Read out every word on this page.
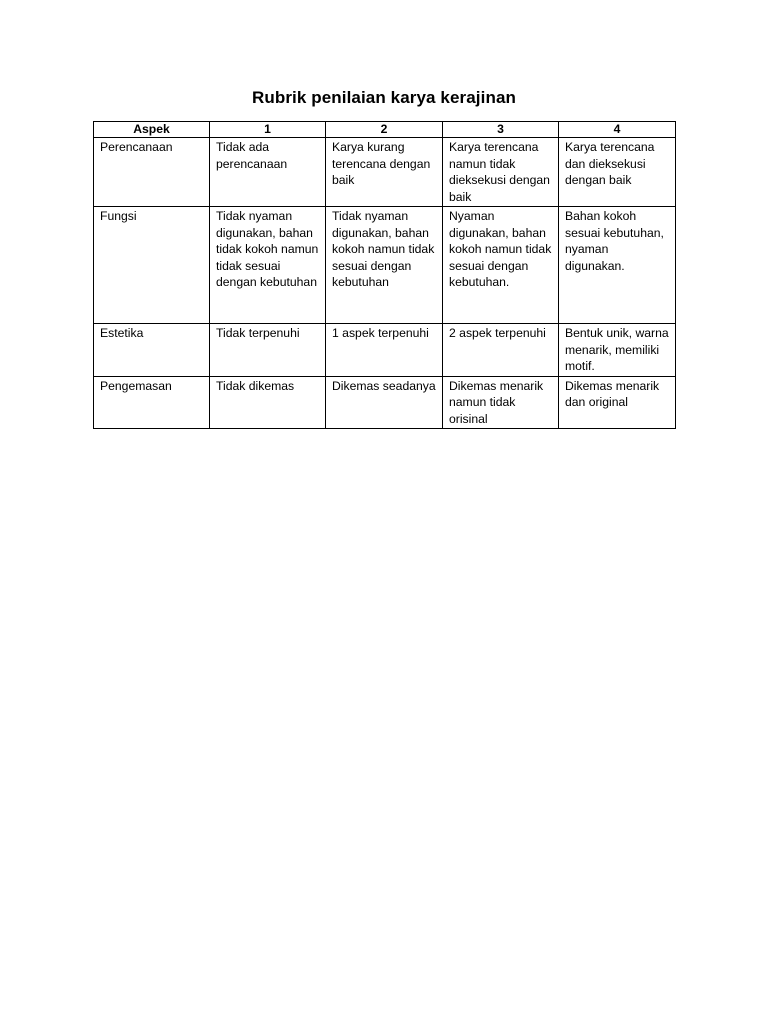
Rubrik penilaian karya kerajinan
Aspek	1	2	3	4
Perencanaan	Tidak ada perencanaan	Karya kurang terencana dengan baik	Karya terencana namun tidak dieksekusi dengan baik	Karya terencana dan dieksekusi dengan baik
Fungsi	Tidak nyaman digunakan, bahan tidak kokoh namun tidak sesuai dengan kebutuhan	Tidak nyaman digunakan, bahan kokoh namun tidak sesuai dengan kebutuhan	Nyaman digunakan, bahan kokoh namun tidak sesuai dengan kebutuhan.	Bahan kokoh sesuai kebutuhan, nyaman digunakan.
Estetika	Tidak terpenuhi	1 aspek terpenuhi	2 aspek terpenuhi	Bentuk unik, warna menarik, memiliki motif.
Pengemasan	Tidak dikemas	Dikemas seadanya	Dikemas menarik namun tidak orisinal	Dikemas menarik dan original
